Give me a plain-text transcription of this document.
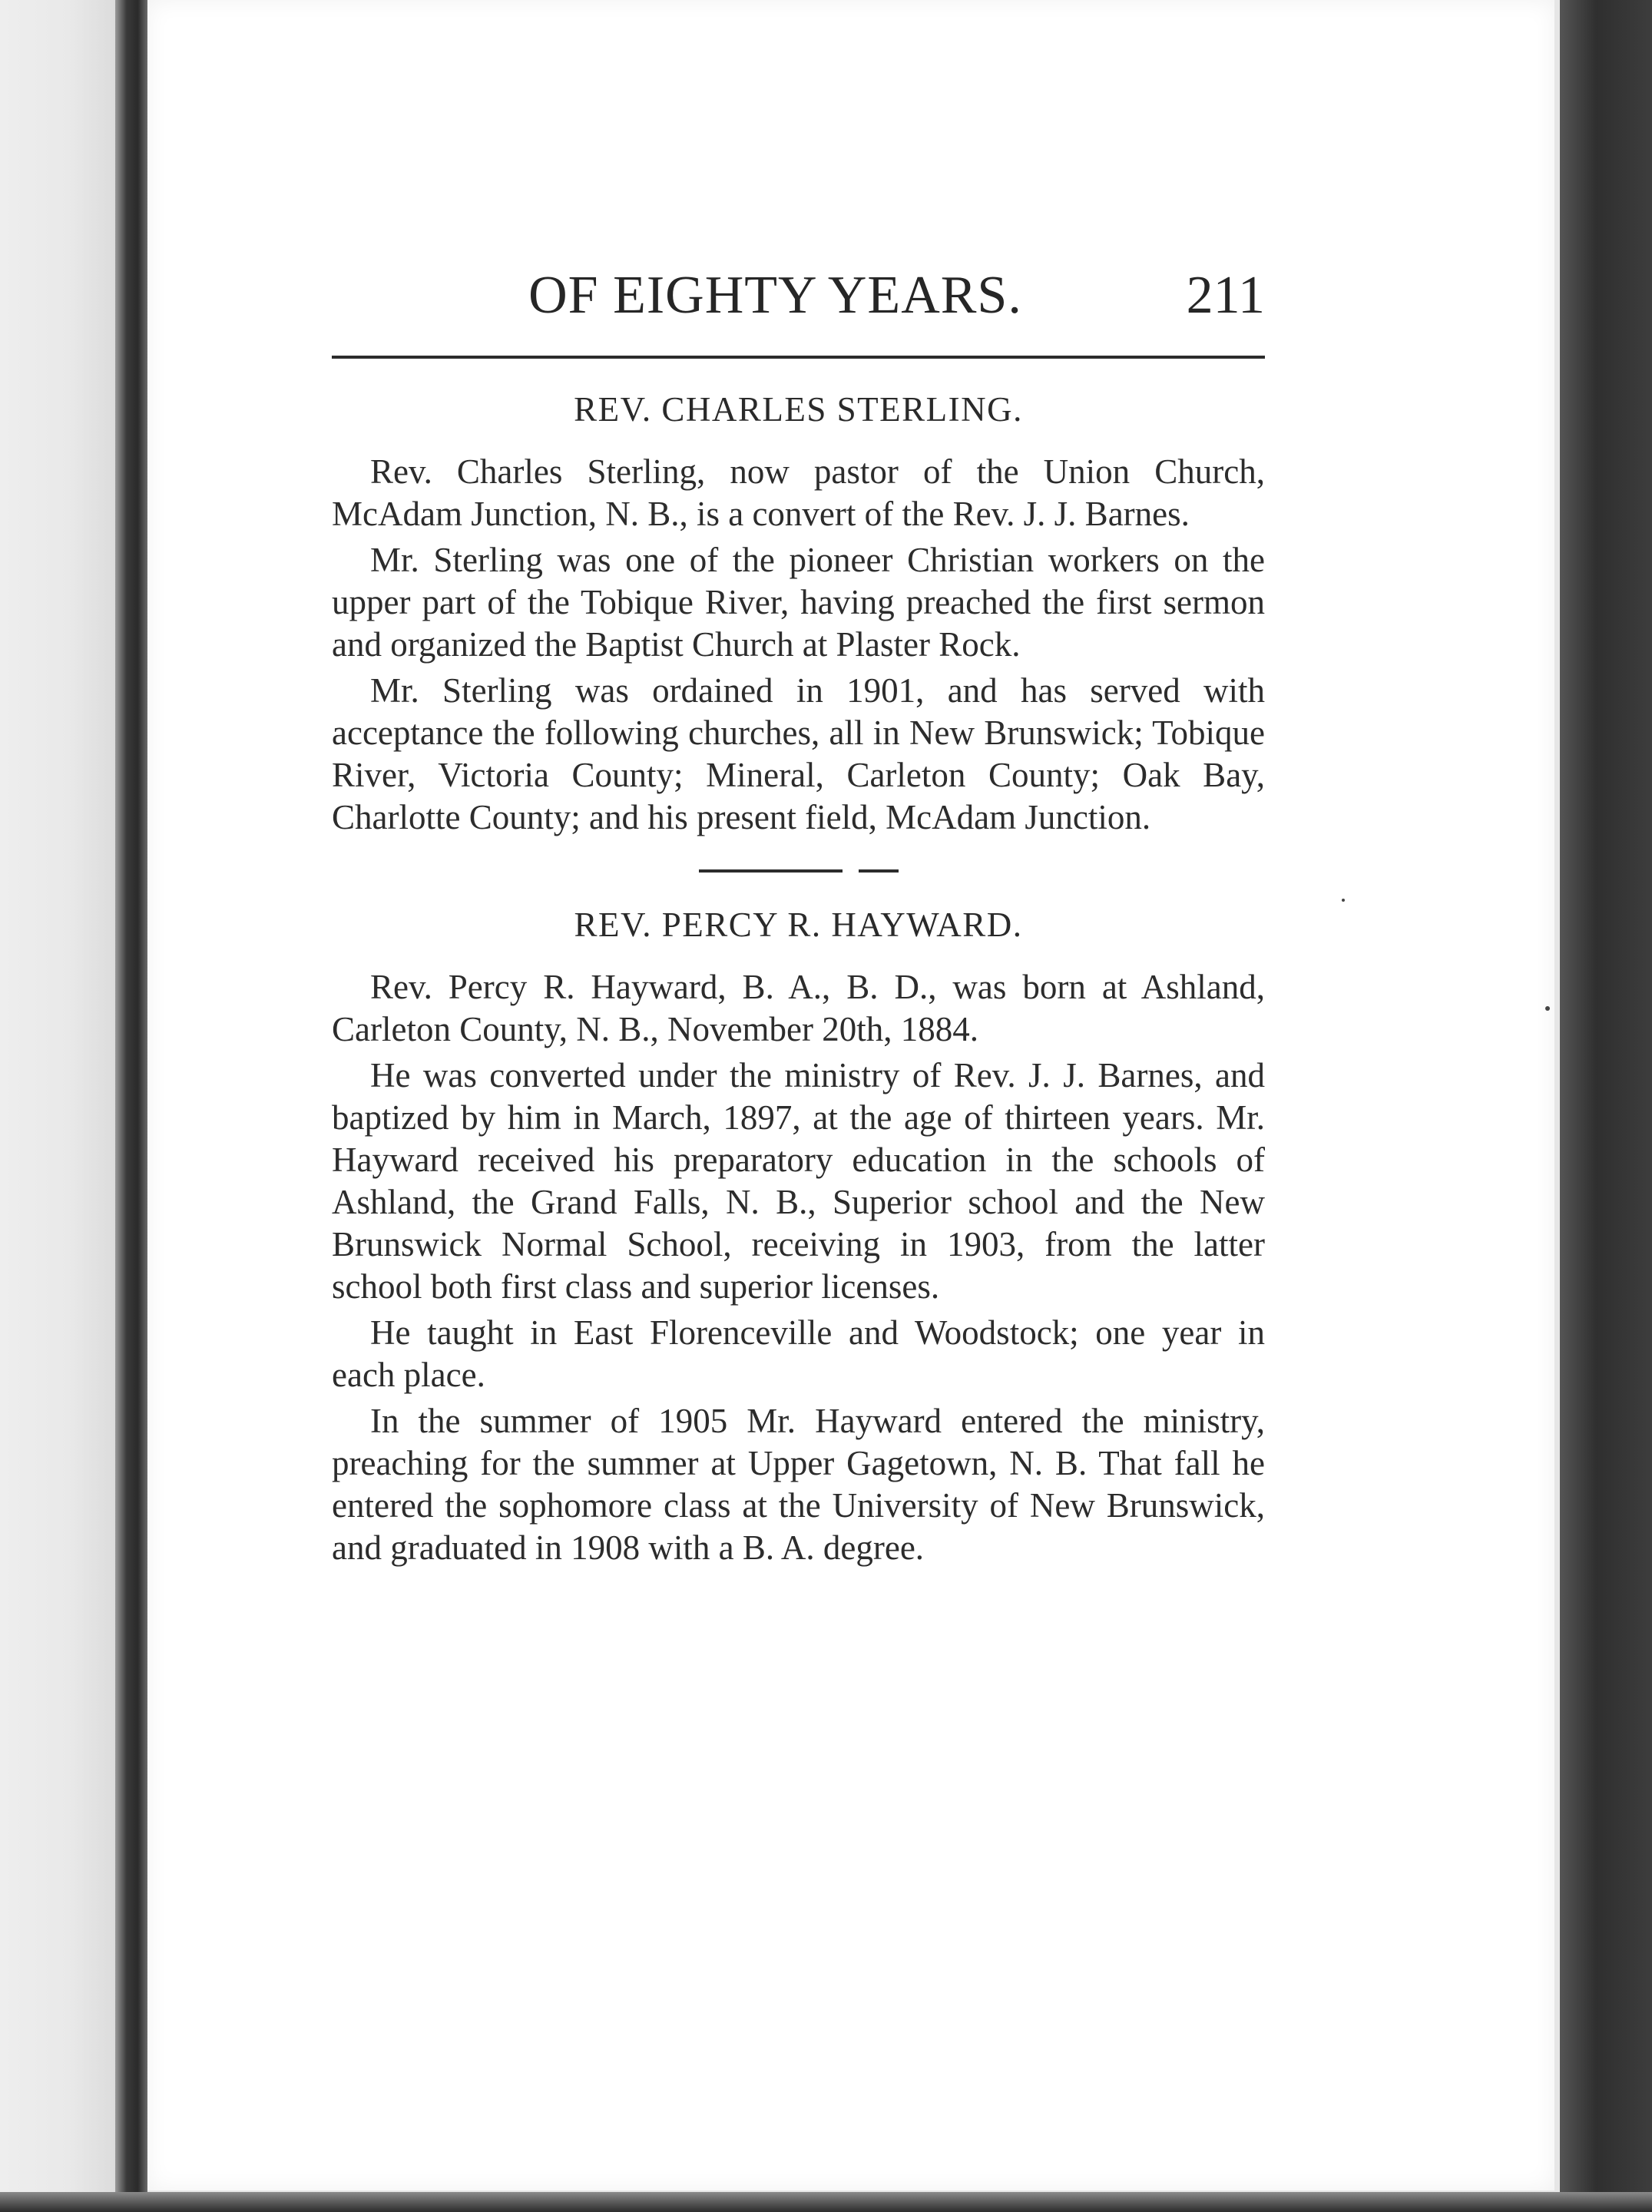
OF EIGHTY YEARS.	211
REV. CHARLES STERLING.

Rev. Charles Sterling, now pastor of the Union Church, McAdam Junction, N. B., is a convert of the Rev. J. J. Barnes.

Mr. Sterling was one of the pioneer Christian workers on the upper part of the Tobique River, having preached the first sermon and organized the Baptist Church at Plaster Rock.

Mr. Sterling was ordained in 1901, and has served with acceptance the following churches, all in New Brunswick; Tobique River, Victoria County; Mineral, Carleton County; Oak Bay, Charlotte County; and his present field, McAdam Junction.

REV. PERCY R. HAYWARD.

Rev. Percy R. Hayward, B. A., B. D., was born at Ashland, Carleton County, N. B., November 20th, 1884.

He was converted under the ministry of Rev. J. J. Barnes, and baptized by him in March, 1897, at the age of thirteen years. Mr. Hayward received his preparatory education in the schools of Ashland, the Grand Falls, N. B., Superior school and the New Brunswick Normal School, receiving in 1903, from the latter school both first class and superior licenses.

He taught in East Florenceville and Woodstock; one year in each place.

In the summer of 1905 Mr. Hayward entered the ministry, preaching for the summer at Upper Gagetown, N. B. That fall he entered the sophomore class at the University of New Brunswick, and graduated in 1908 with a B. A. degree.
